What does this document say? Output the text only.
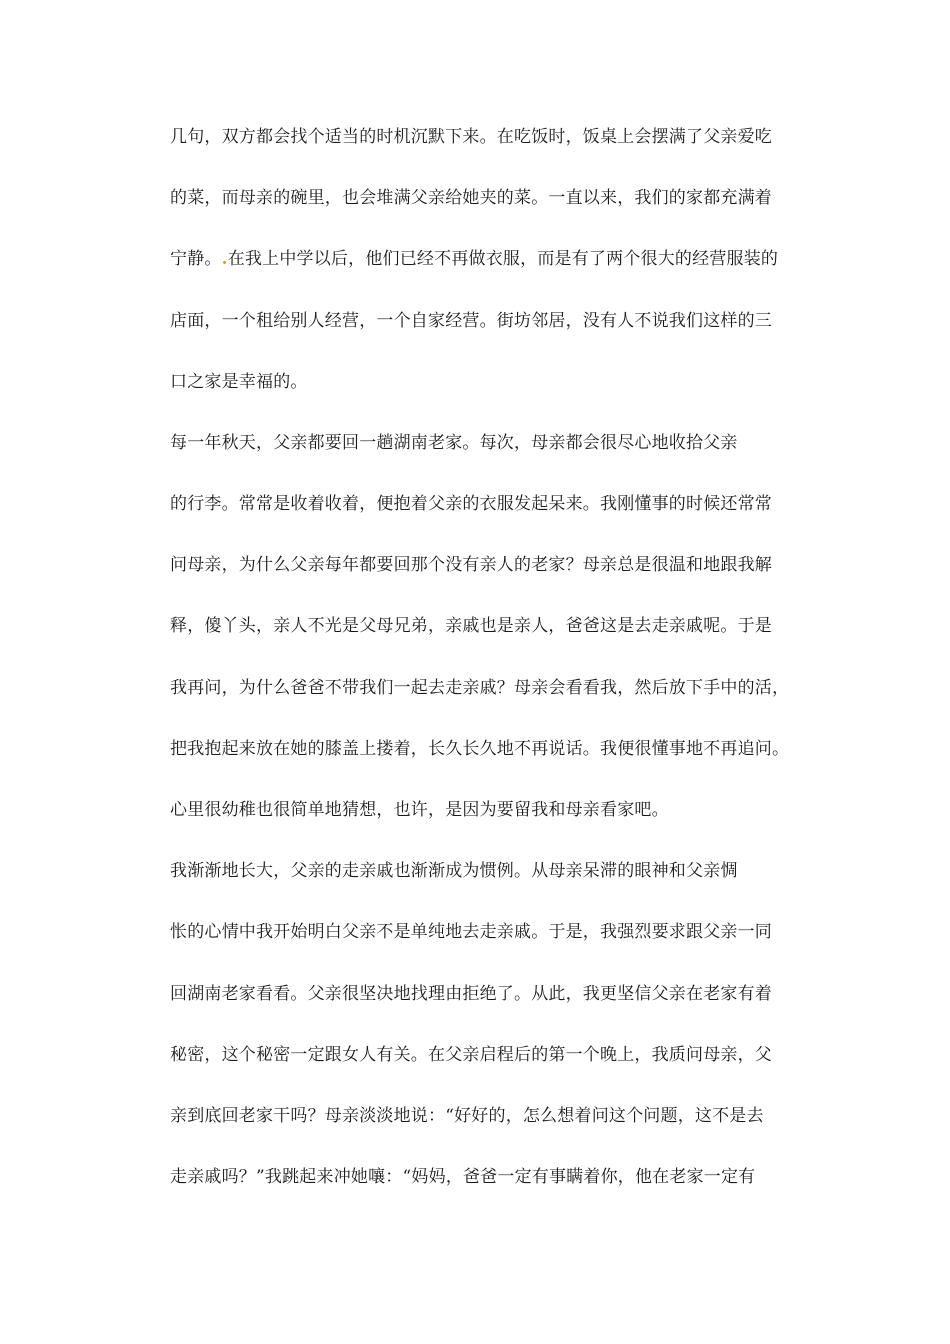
几句，双方都会找个适当的时机沉默下来。在吃饭时，饭桌上会摆满了父亲爱吃

的菜，而母亲的碗里，也会堆满父亲给她夹的菜。一直以来，我们的家都充满着

宁静。.在我上中学以后，他们已经不再做衣服，而是有了两个很大的经营服装的

店面，一个租给别人经营，一个自家经营。街坊邻居，没有人不说我们这样的三

口之家是幸福的。

每一年秋天，父亲都要回一趟湖南老家。每次，母亲都会很尽心地收拾父亲

的行李。常常是收着收着，便抱着父亲的衣服发起呆来。我刚懂事的时候还常常

问母亲，为什么父亲每年都要回那个没有亲人的老家？母亲总是很温和地跟我解

释，傻丫头，亲人不光是父母兄弟，亲戚也是亲人，爸爸这是去走亲戚呢。于是

我再问，为什么爸爸不带我们一起去走亲戚？母亲会看看我，然后放下手中的活，

把我抱起来放在她的膝盖上搂着，长久长久地不再说话。我便很懂事地不再追问。

心里很幼稚也很简单地猜想，也许，是因为要留我和母亲看家吧。

我渐渐地长大，父亲的走亲戚也渐渐成为惯例。从母亲呆滞的眼神和父亲惆

怅的心情中我开始明白父亲不是单纯地去走亲戚。于是，我强烈要求跟父亲一同

回湖南老家看看。父亲很坚决地找理由拒绝了。从此，我更坚信父亲在老家有着

秘密，这个秘密一定跟女人有关。在父亲启程后的第一个晚上，我质问母亲，父

亲到底回老家干吗？母亲淡淡地说：“好好的，怎么想着问这个问题，这不是去

走亲戚吗？”我跳起来冲她嚷：“妈妈，爸爸一定有事瞒着你，他在老家一定有
